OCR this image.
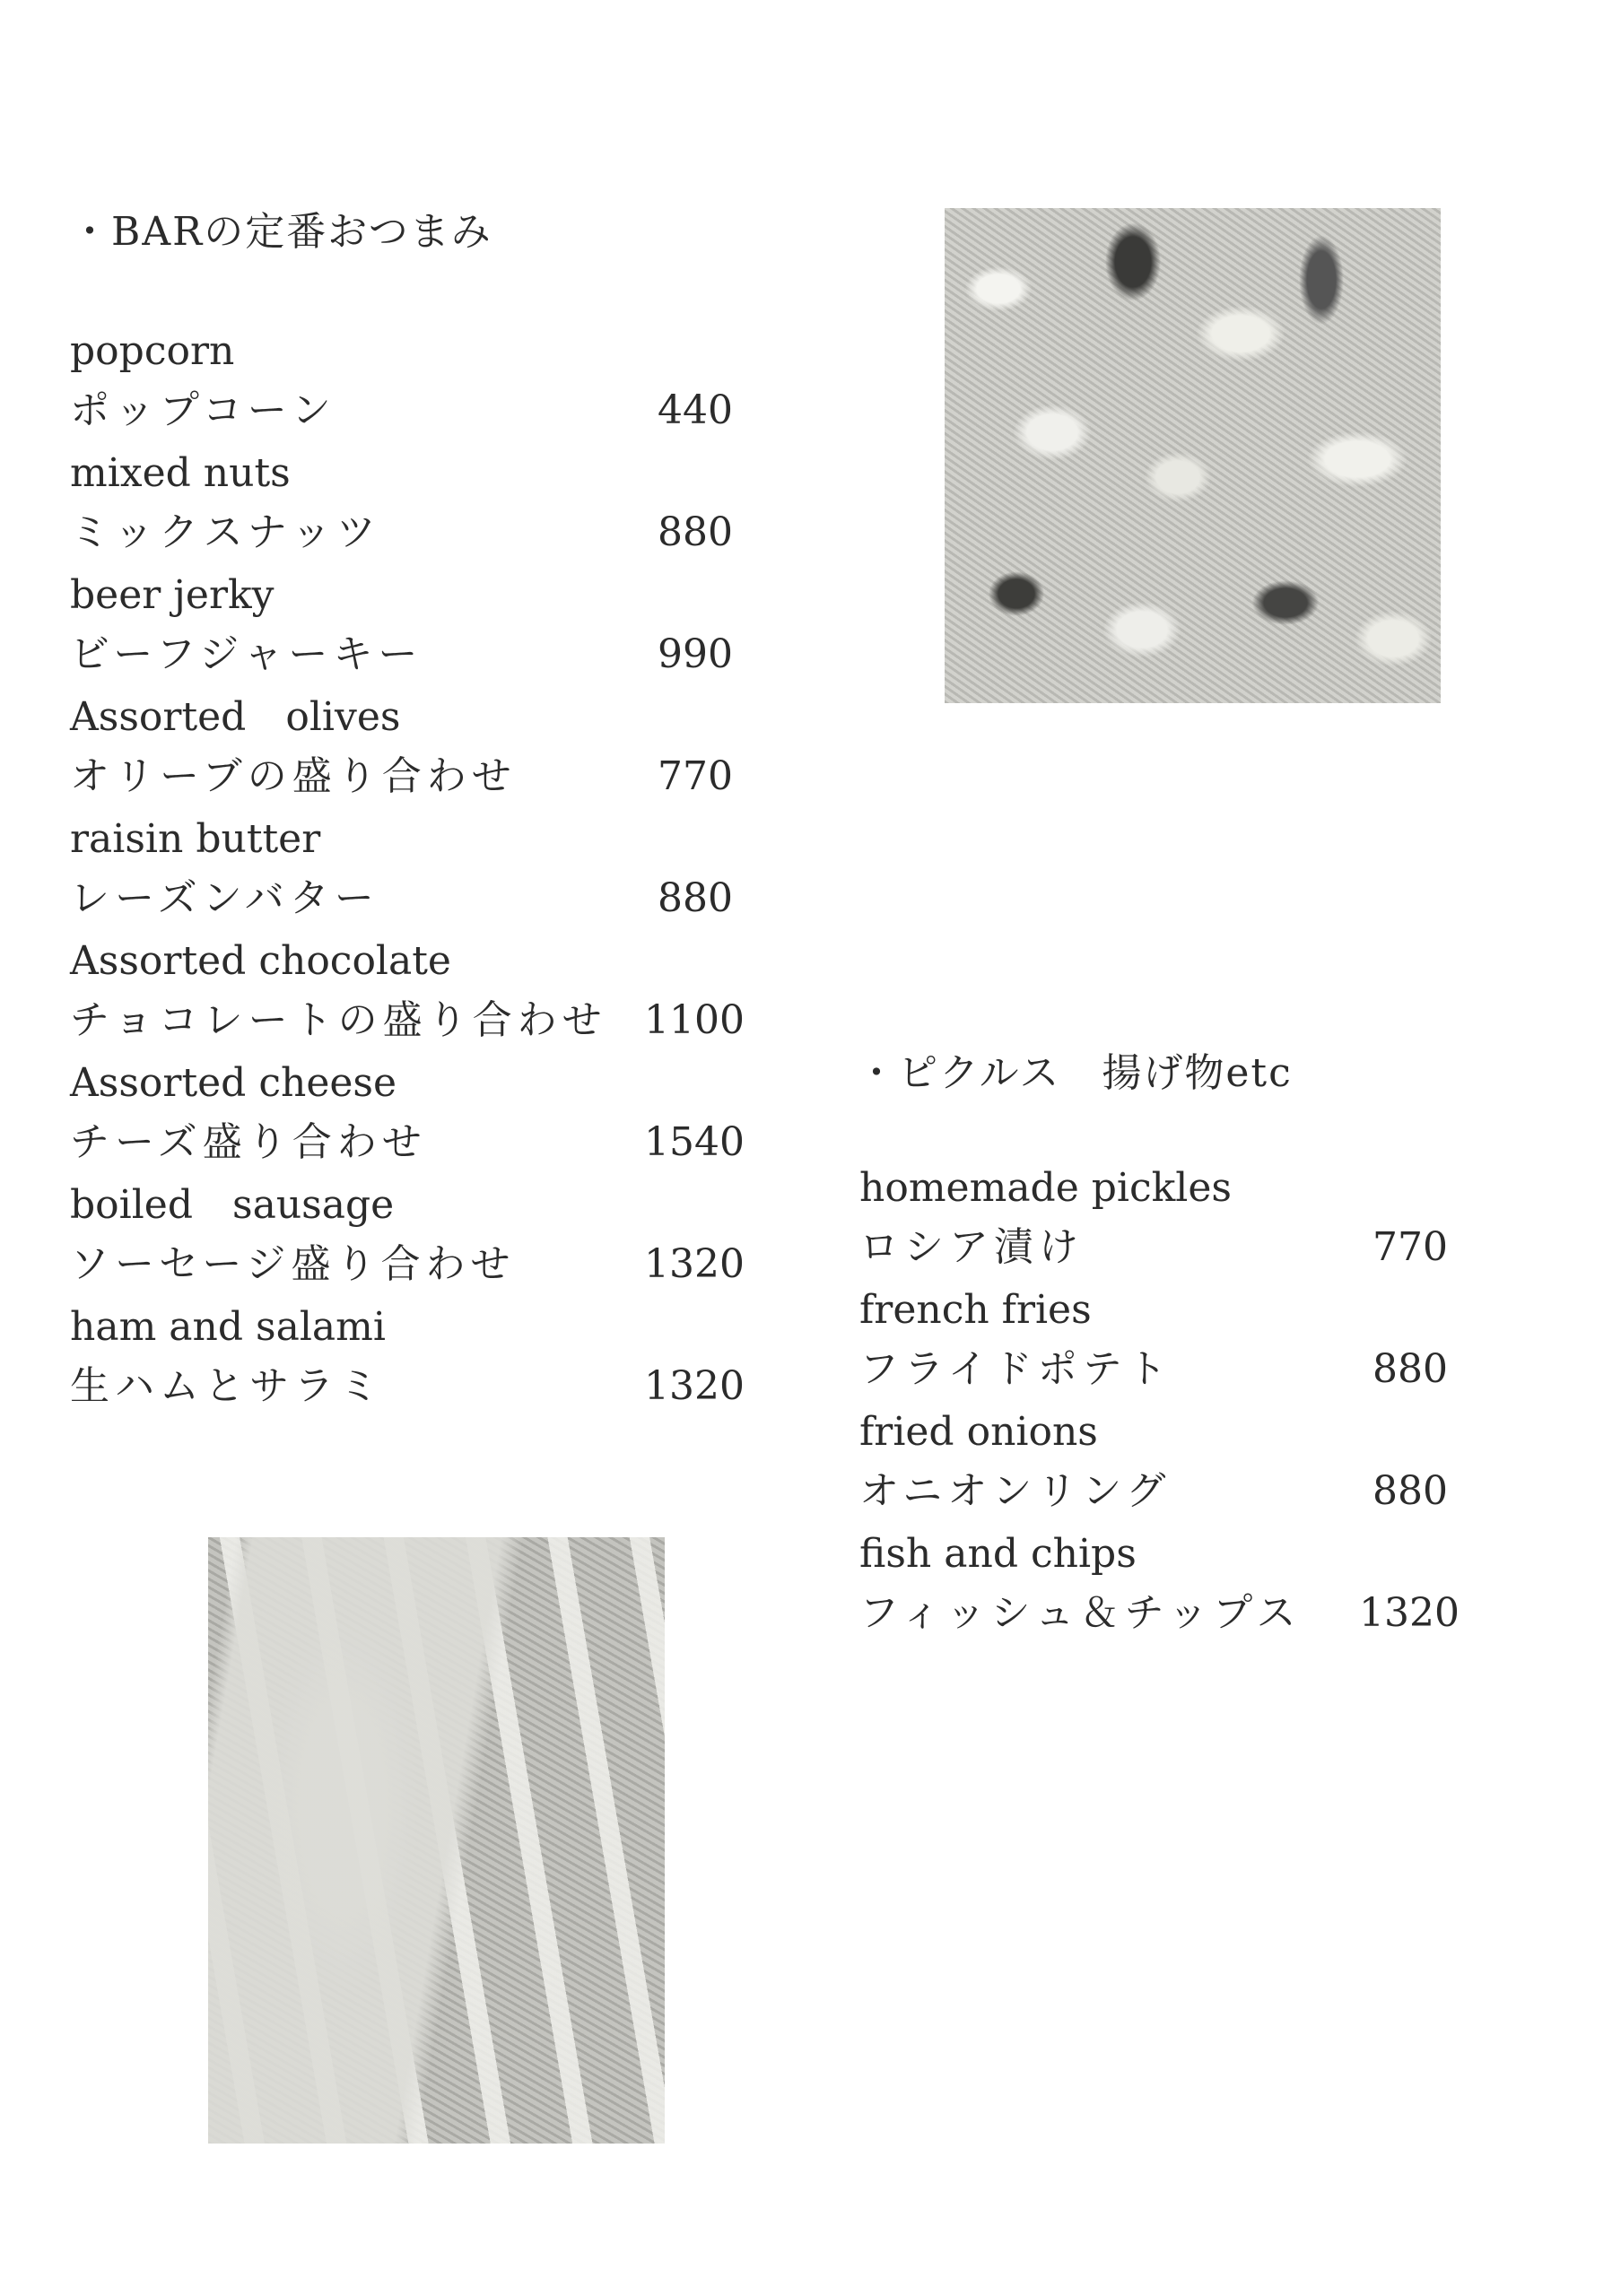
・BARの定番おつまみ
popcorn
ポップコーン	440
mixed nuts
ミックスナッツ	880
beer jerky
ビーフジャーキー	990
Assorted　olives
オリーブの盛り合わせ	770
raisin butter
レーズンバター	880
Assorted chocolate
チョコレートの盛り合わせ 1100
Assorted cheese
チーズ盛り合わせ	1540
boiled　sausage
ソーセージ盛り合わせ	1320
ham and salami
生ハムとサラミ	1320
・ピクルス　揚げ物etc
homemade pickles
ロシア漬け	770
french fries
フライドポテト	880
fried onions
オニオンリング	880
fish and chips
フィッシュ＆チップス 1320
